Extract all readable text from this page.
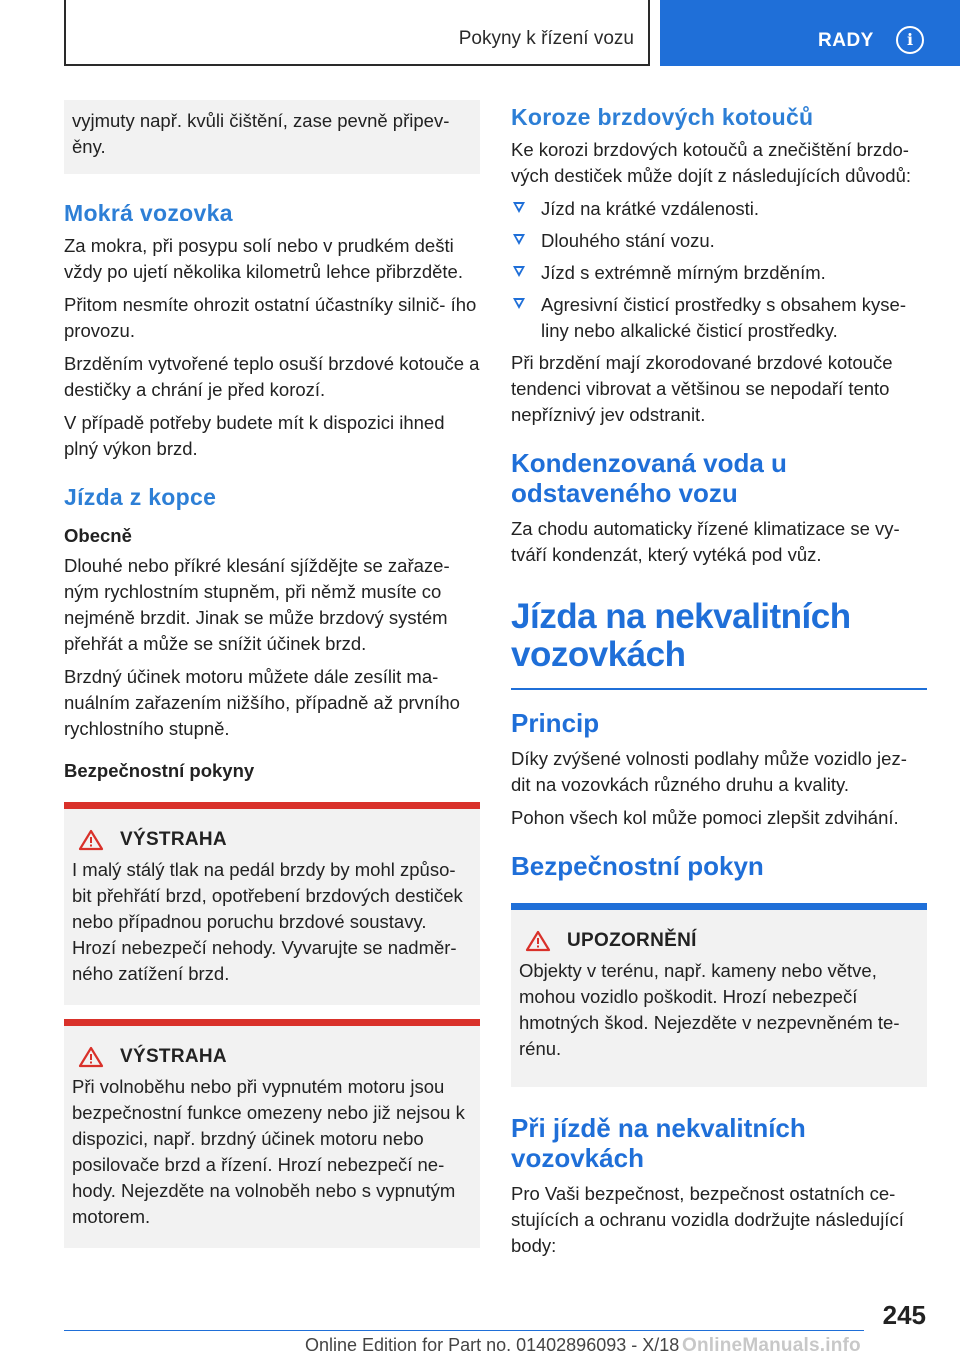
Pokyny k řízení vozu	RADY	i

vyjmuty např. kvůli čištění, zase pevně připev- ěny.

Mokrá vozovka

Za mokra, při posypu solí nebo v prudkém dešti vždy po ujetí několika kilometrů lehce přibrzděte.

Přitom nesmíte ohrozit ostatní účastníky silnič- ího provozu.

Brzděním vytvořené teplo osuší brzdové kotouče a destičky a chrání je před korozí.

V případě potřeby budete mít k dispozici ihned plný výkon brzd.

Jízda z kopce
Obecně

Dlouhé nebo příkré klesání sjíždějte se zařaze- ným rychlostním stupněm, při němž musíte co nejméně brzdit. Jinak se může brzdový systém přehřát a může se snížit účinek brzd.

Brzdný účinek motoru můžete dále zesílit ma- nuálním zařazením nižšího, případně až prvního rychlostního stupně.

Bezpečnostní pokyny
VÝSTRAHA

I malý stálý tlak na pedál brzdy by mohl způso- bit přehřátí brzd, opotřebení brzdových destiček nebo případnou poruchu brzdové soustavy. Hrozí nebezpečí nehody. Vyvarujte se nadměr- ného zatížení brzd.

VÝSTRAHA

Při volnoběhu nebo při vypnutém motoru jsou bezpečnostní funkce omezeny nebo již nejsou k dispozici, např. brzdný účinek motoru nebo posilovače brzd a řízení. Hrozí nebezpečí ne- hody. Nejezděte na volnoběh nebo s vypnutým motorem.

Koroze brzdových kotoučů

Ke korozi brzdových kotoučů a znečištění brzdo- vých destiček může dojít z následujících důvodů:

Jízd na krátké vzdálenosti.
Dlouhého stání vozu.
Jízd s extrémně mírným brzděním.
Agresivní čisticí prostředky s obsahem kyse- liny nebo alkalické čisticí prostředky.

Při brzdění mají zkorodované brzdové kotouče tendenci vibrovat a většinou se nepodaří tento nepříznivý jev odstranit.

Kondenzovaná voda u odstaveného vozu

Za chodu automaticky řízené klimatizace se vy- tváří kondenzát, který vytéká pod vůz.

Jízda na nekvalitních vozovkách
Princip

Díky zvýšené volnosti podlahy může vozidlo jez- dit na vozovkách různého druhu a kvality.

Pohon všech kol může pomoci zlepšit zdvihání.

Bezpečnostní pokyn
UPOZORNĚNÍ

Objekty v terénu, např. kameny nebo větve, mohou vozidlo poškodit. Hrozí nebezpečí hmotných škod. Nejezděte v nezpevněném te- rénu.

Při jízdě na nekvalitních vozovkách

Pro Vaši bezpečnost, bezpečnost ostatních ce- stujících a ochranu vozidla dodržujte následující body:

245
Online Edition for Part no. 01402896093 - X/18 OnlineManuals.info
